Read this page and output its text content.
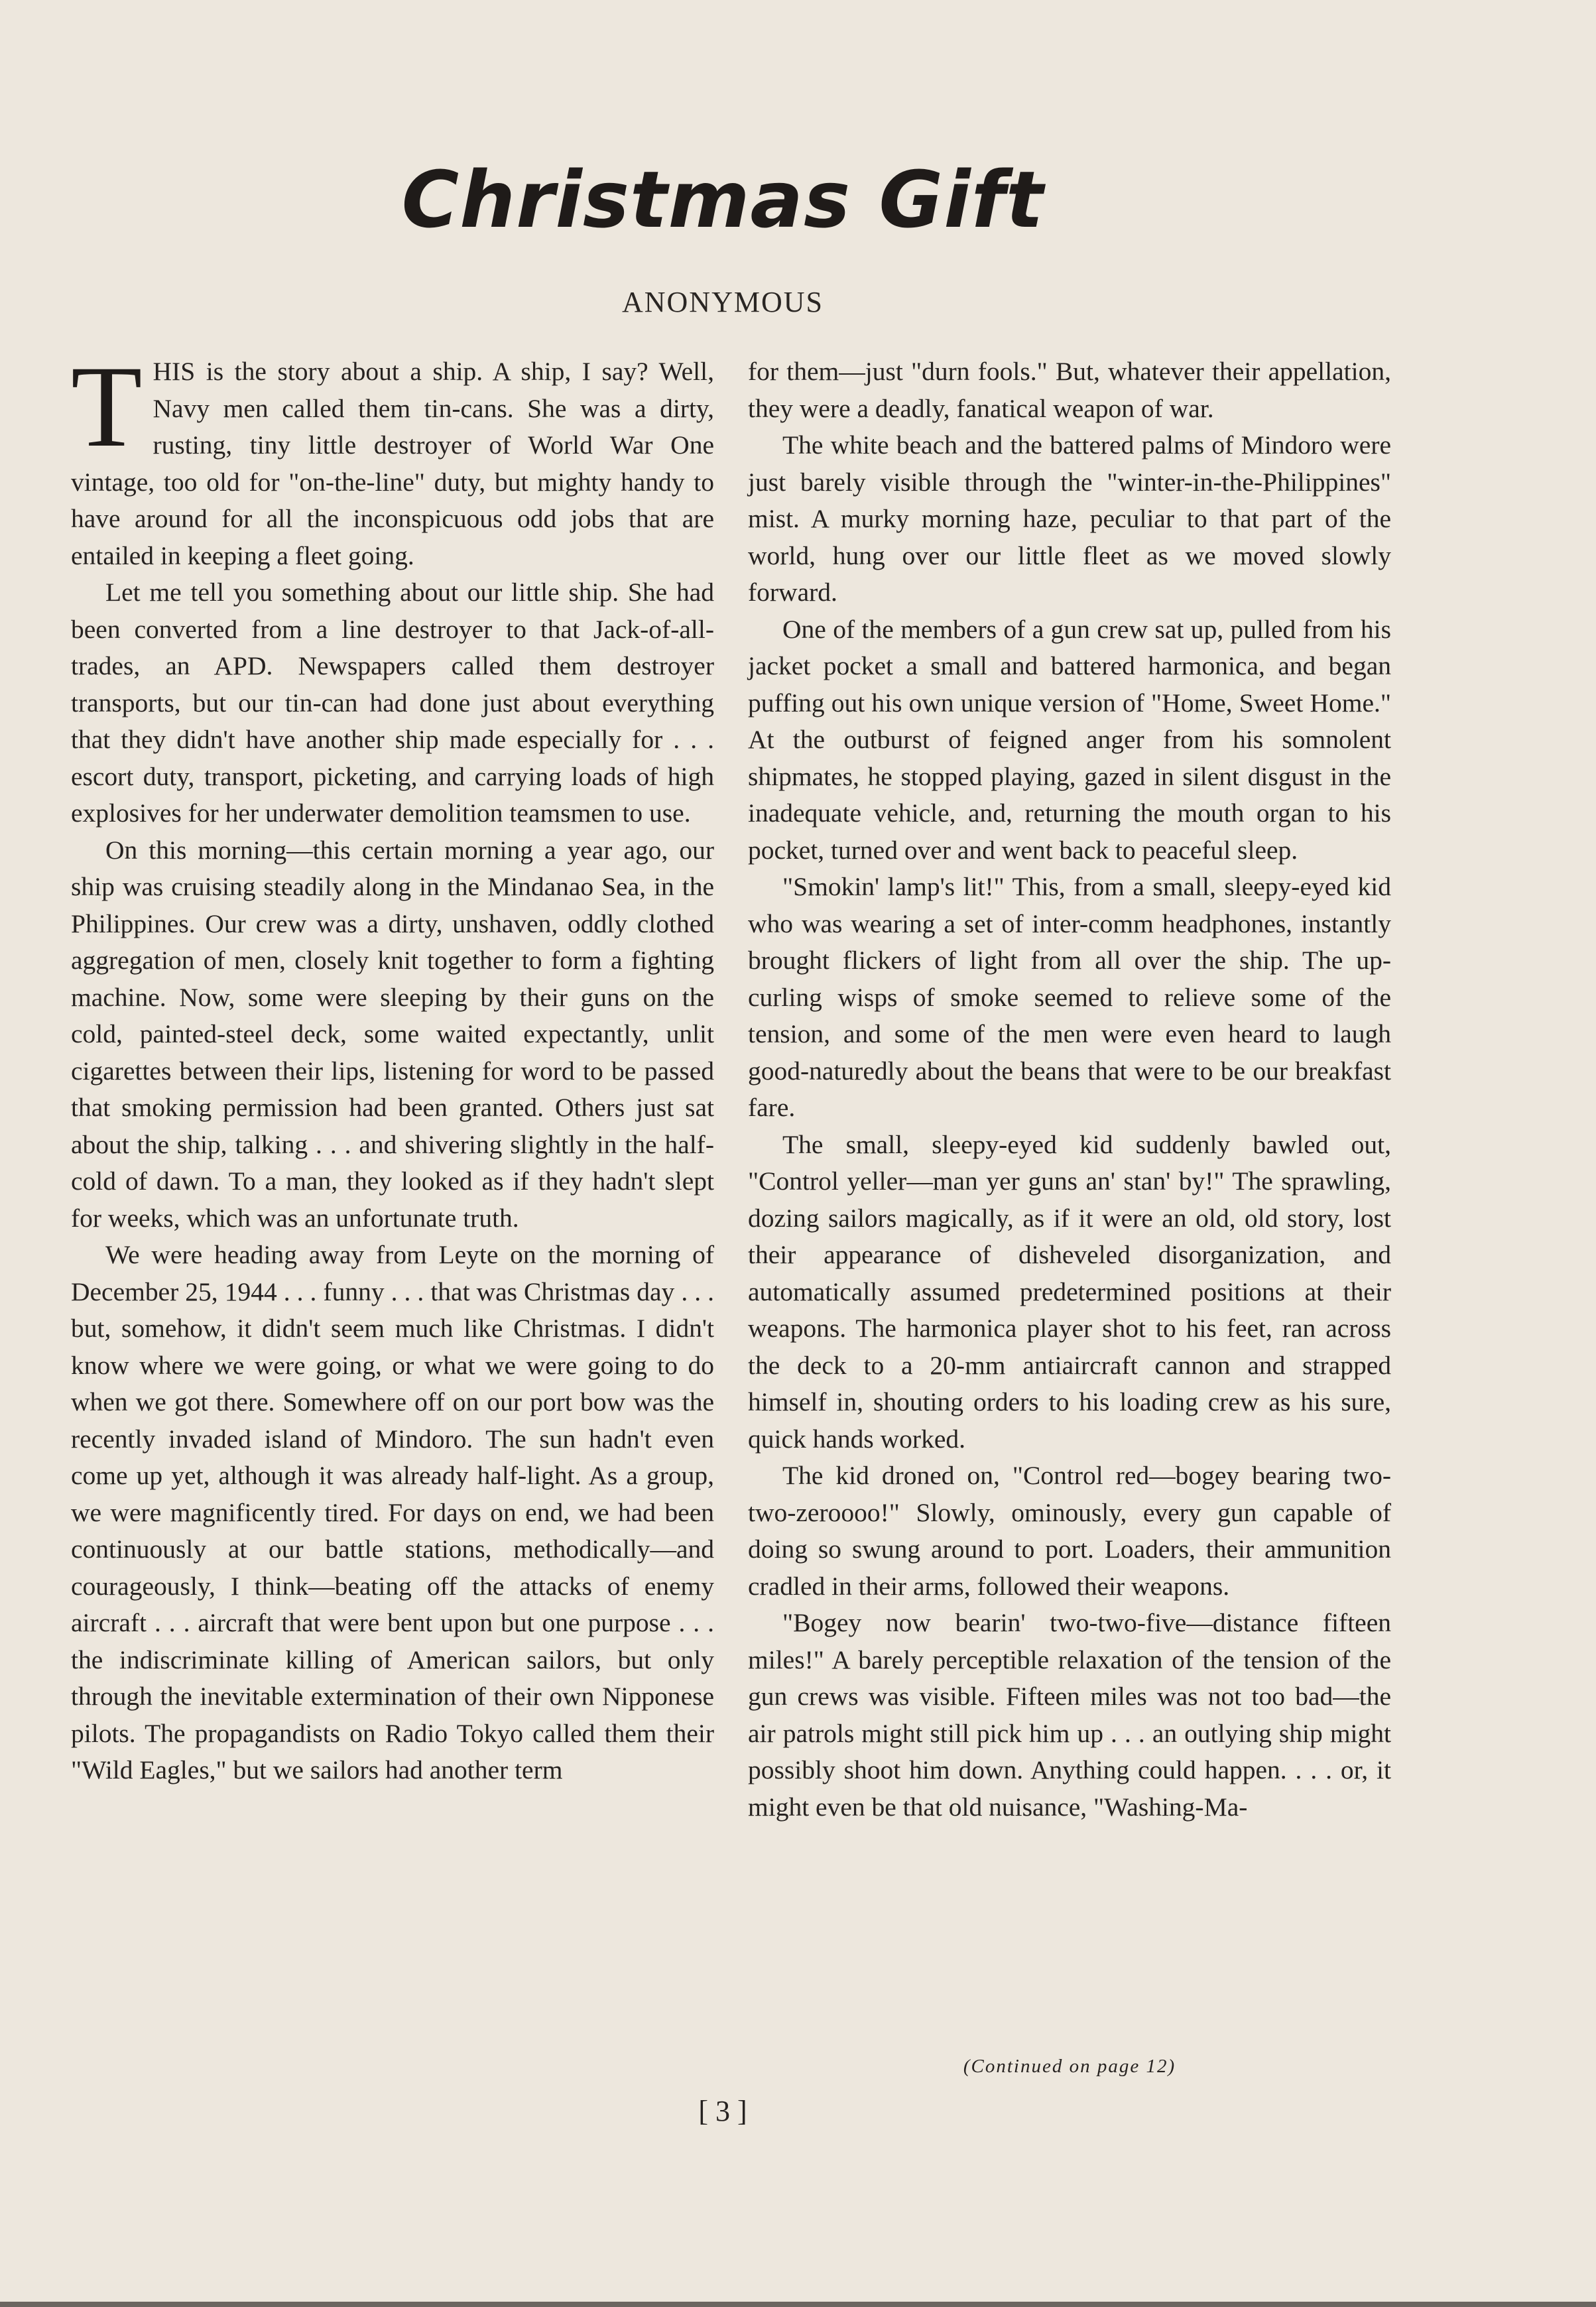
Christmas Gift
ANONYMOUS

THIS is the story about a ship. A ship, I say? Well, Navy men called them tin-cans. She was a dirty, rusting, tiny little destroyer of World War One vintage, too old for "on-the-line" duty, but mighty handy to have around for all the inconspicuous odd jobs that are entailed in keeping a fleet going.

Let me tell you something about our little ship. She had been converted from a line destroyer to that Jack-of-all-trades, an APD. Newspapers called them destroyer transports, but our tin-can had done just about everything that they didn't have another ship made especially for . . . escort duty, transport, picketing, and carrying loads of high explosives for her underwater demolition teamsmen to use.

On this morning—this certain morning a year ago, our ship was cruising steadily along in the Mindanao Sea, in the Philippines. Our crew was a dirty, unshaven, oddly clothed aggregation of men, closely knit together to form a fighting machine. Now, some were sleeping by their guns on the cold, painted-steel deck, some waited expectantly, unlit cigarettes between their lips, listening for word to be passed that smoking permission had been granted. Others just sat about the ship, talking . . . and shivering slightly in the half-cold of dawn. To a man, they looked as if they hadn't slept for weeks, which was an unfortunate truth.

We were heading away from Leyte on the morning of December 25, 1944 . . . funny . . . that was Christmas day . . . but, somehow, it didn't seem much like Christmas. I didn't know where we were going, or what we were going to do when we got there. Somewhere off on our port bow was the recently invaded island of Mindoro. The sun hadn't even come up yet, although it was already half-light. As a group, we were magnificently tired. For days on end, we had been continuously at our battle stations, methodically—and courageously, I think—beating off the attacks of enemy aircraft . . . aircraft that were bent upon but one purpose . . . the indiscriminate killing of American sailors, but only through the inevitable extermination of their own Nipponese pilots. The propagandists on Radio Tokyo called them their "Wild Eagles," but we sailors had another term

for them—just "durn fools." But, whatever their appellation, they were a deadly, fanatical weapon of war.

The white beach and the battered palms of Mindoro were just barely visible through the "winter-in-the-Philippines" mist. A murky morning haze, peculiar to that part of the world, hung over our little fleet as we moved slowly forward.

One of the members of a gun crew sat up, pulled from his jacket pocket a small and battered harmonica, and began puffing out his own unique version of "Home, Sweet Home." At the outburst of feigned anger from his somnolent shipmates, he stopped playing, gazed in silent disgust in the inadequate vehicle, and, returning the mouth organ to his pocket, turned over and went back to peaceful sleep.

"Smokin' lamp's lit!" This, from a small, sleepy-eyed kid who was wearing a set of inter-comm headphones, instantly brought flickers of light from all over the ship. The up-curling wisps of smoke seemed to relieve some of the tension, and some of the men were even heard to laugh good-naturedly about the beans that were to be our breakfast fare.

The small, sleepy-eyed kid suddenly bawled out, "Control yeller—man yer guns an' stan' by!" The sprawling, dozing sailors magically, as if it were an old, old story, lost their appearance of disheveled disorganization, and automatically assumed predetermined positions at their weapons. The harmonica player shot to his feet, ran across the deck to a 20-mm antiaircraft cannon and strapped himself in, shouting orders to his loading crew as his sure, quick hands worked.

The kid droned on, "Control red—bogey bearing two-two-zeroooo!" Slowly, ominously, every gun capable of doing so swung around to port. Loaders, their ammunition cradled in their arms, followed their weapons.

"Bogey now bearin' two-two-five—distance fifteen miles!" A barely perceptible relaxation of the tension of the gun crews was visible. Fifteen miles was not too bad—the air patrols might still pick him up . . . an outlying ship might possibly shoot him down. Anything could happen. . . . or, it might even be that old nuisance, "Washing-Ma-

(Continued on page 12)
[ 3 ]
